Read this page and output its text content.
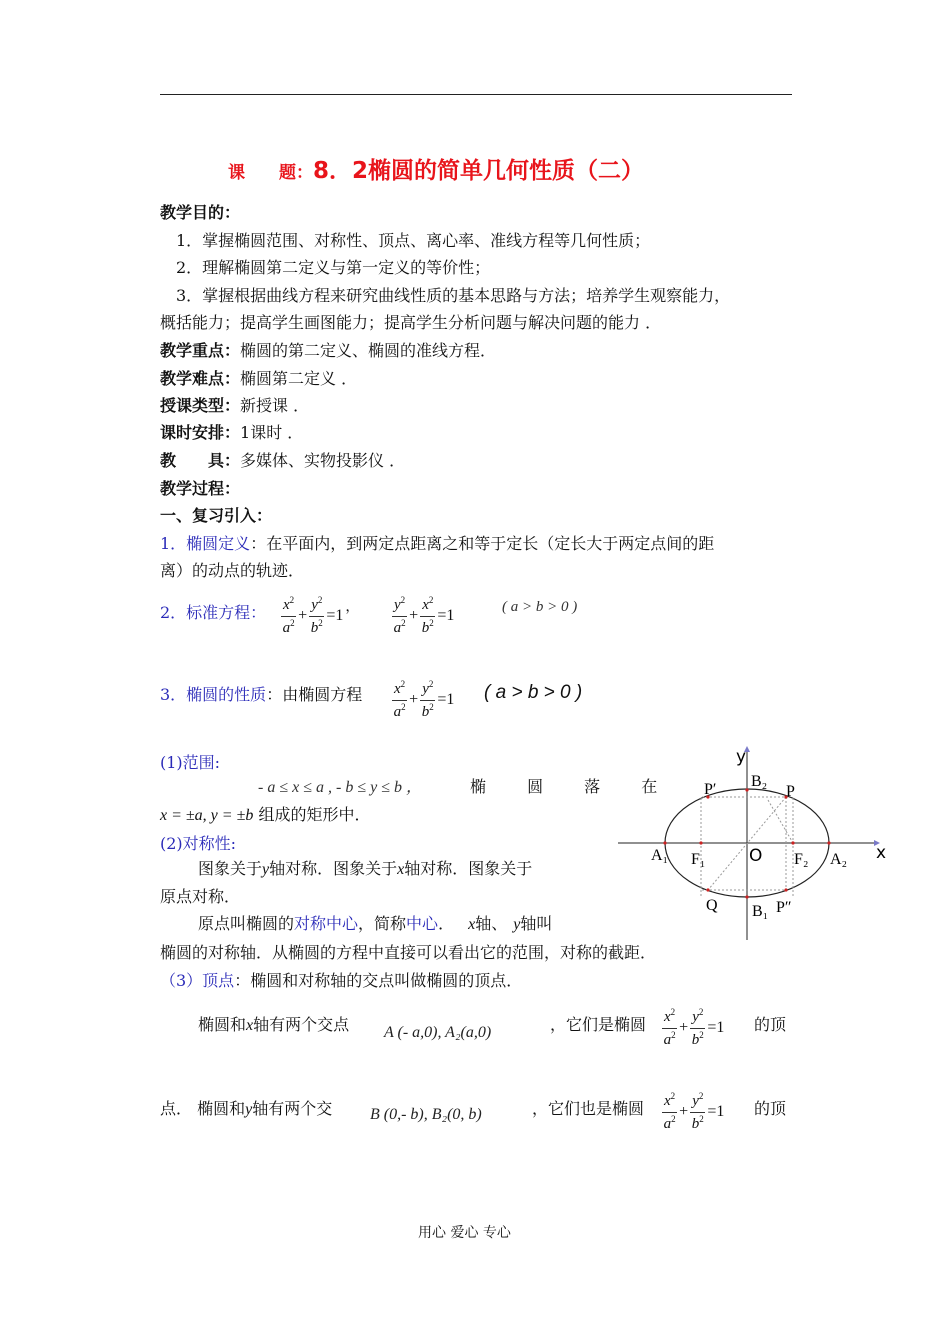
课　　题：8．2椭圆的简单几何性质（二）
教学目的：
1．掌握椭圆范围、对称性、顶点、离心率、准线方程等几何性质；
2．理解椭圆第二定义与第一定义的等价性；
3．掌握根据曲线方程来研究曲线性质的基本思路与方法；培养学生观察能力，
概括能力；提高学生画图能力；提高学生分析问题与解决问题的能力 ．
教学重点：椭圆的第二定义、椭圆的准线方程．
教学难点：椭圆第二定义 ．
授课类型：新授课 ．
课时安排：1课时 ．
教　　具：多媒体、实物投影仪 ．
教学过程：
一、复习引入：
1．椭圆定义：在平面内，到两定点距离之和等于定长（定长大于两定点间的距
离）的动点的轨迹．
2．标准方程： $\frac{x^2}{a^2} + \frac{y^2}{b^2} =1$， $\frac{y^2}{a^2} + \frac{x^2}{b^2} =1$
( a > b > 0 )
3．椭圆的性质：由椭圆方程 $\frac{x^2}{a^2} + \frac{y^2}{b^2} =1$ ( a > b > 0 )
(1)范围:
- a ≤ x ≤ a , - b ≤ y ≤ b ，	椭 圆 落 在
x = ±a, y = ±b 组成的矩形中．
(2)对称性:
图象关于y轴对称．图象关于x轴对称．图象关于
原点对称．
原点叫椭圆的对称中心，简称中心． x轴、 y轴叫
椭圆的对称轴．从椭圆的方程中直接可以看出它的范围，对称的截距．
（3）顶点：椭圆和对称轴的交点叫做椭圆的顶点．
椭圆和x轴有两个交点 A (- a,0), A₂(a,0)	，它们是椭圆 $\frac{x^2}{a^2} + \frac{y^2}{b^2} =1$ 的顶
点． 椭圆和y轴有两个交 B (0,- b), B₂(0, b)	，它们也是椭圆 $\frac{x^2}{a^2} + \frac{y^2}{b^2} =1$ 的顶
y
x
O
A₁	A₂
F₁	F₂
B₂
B₁
P
P′
P″
Q
用心 爱心 专心
